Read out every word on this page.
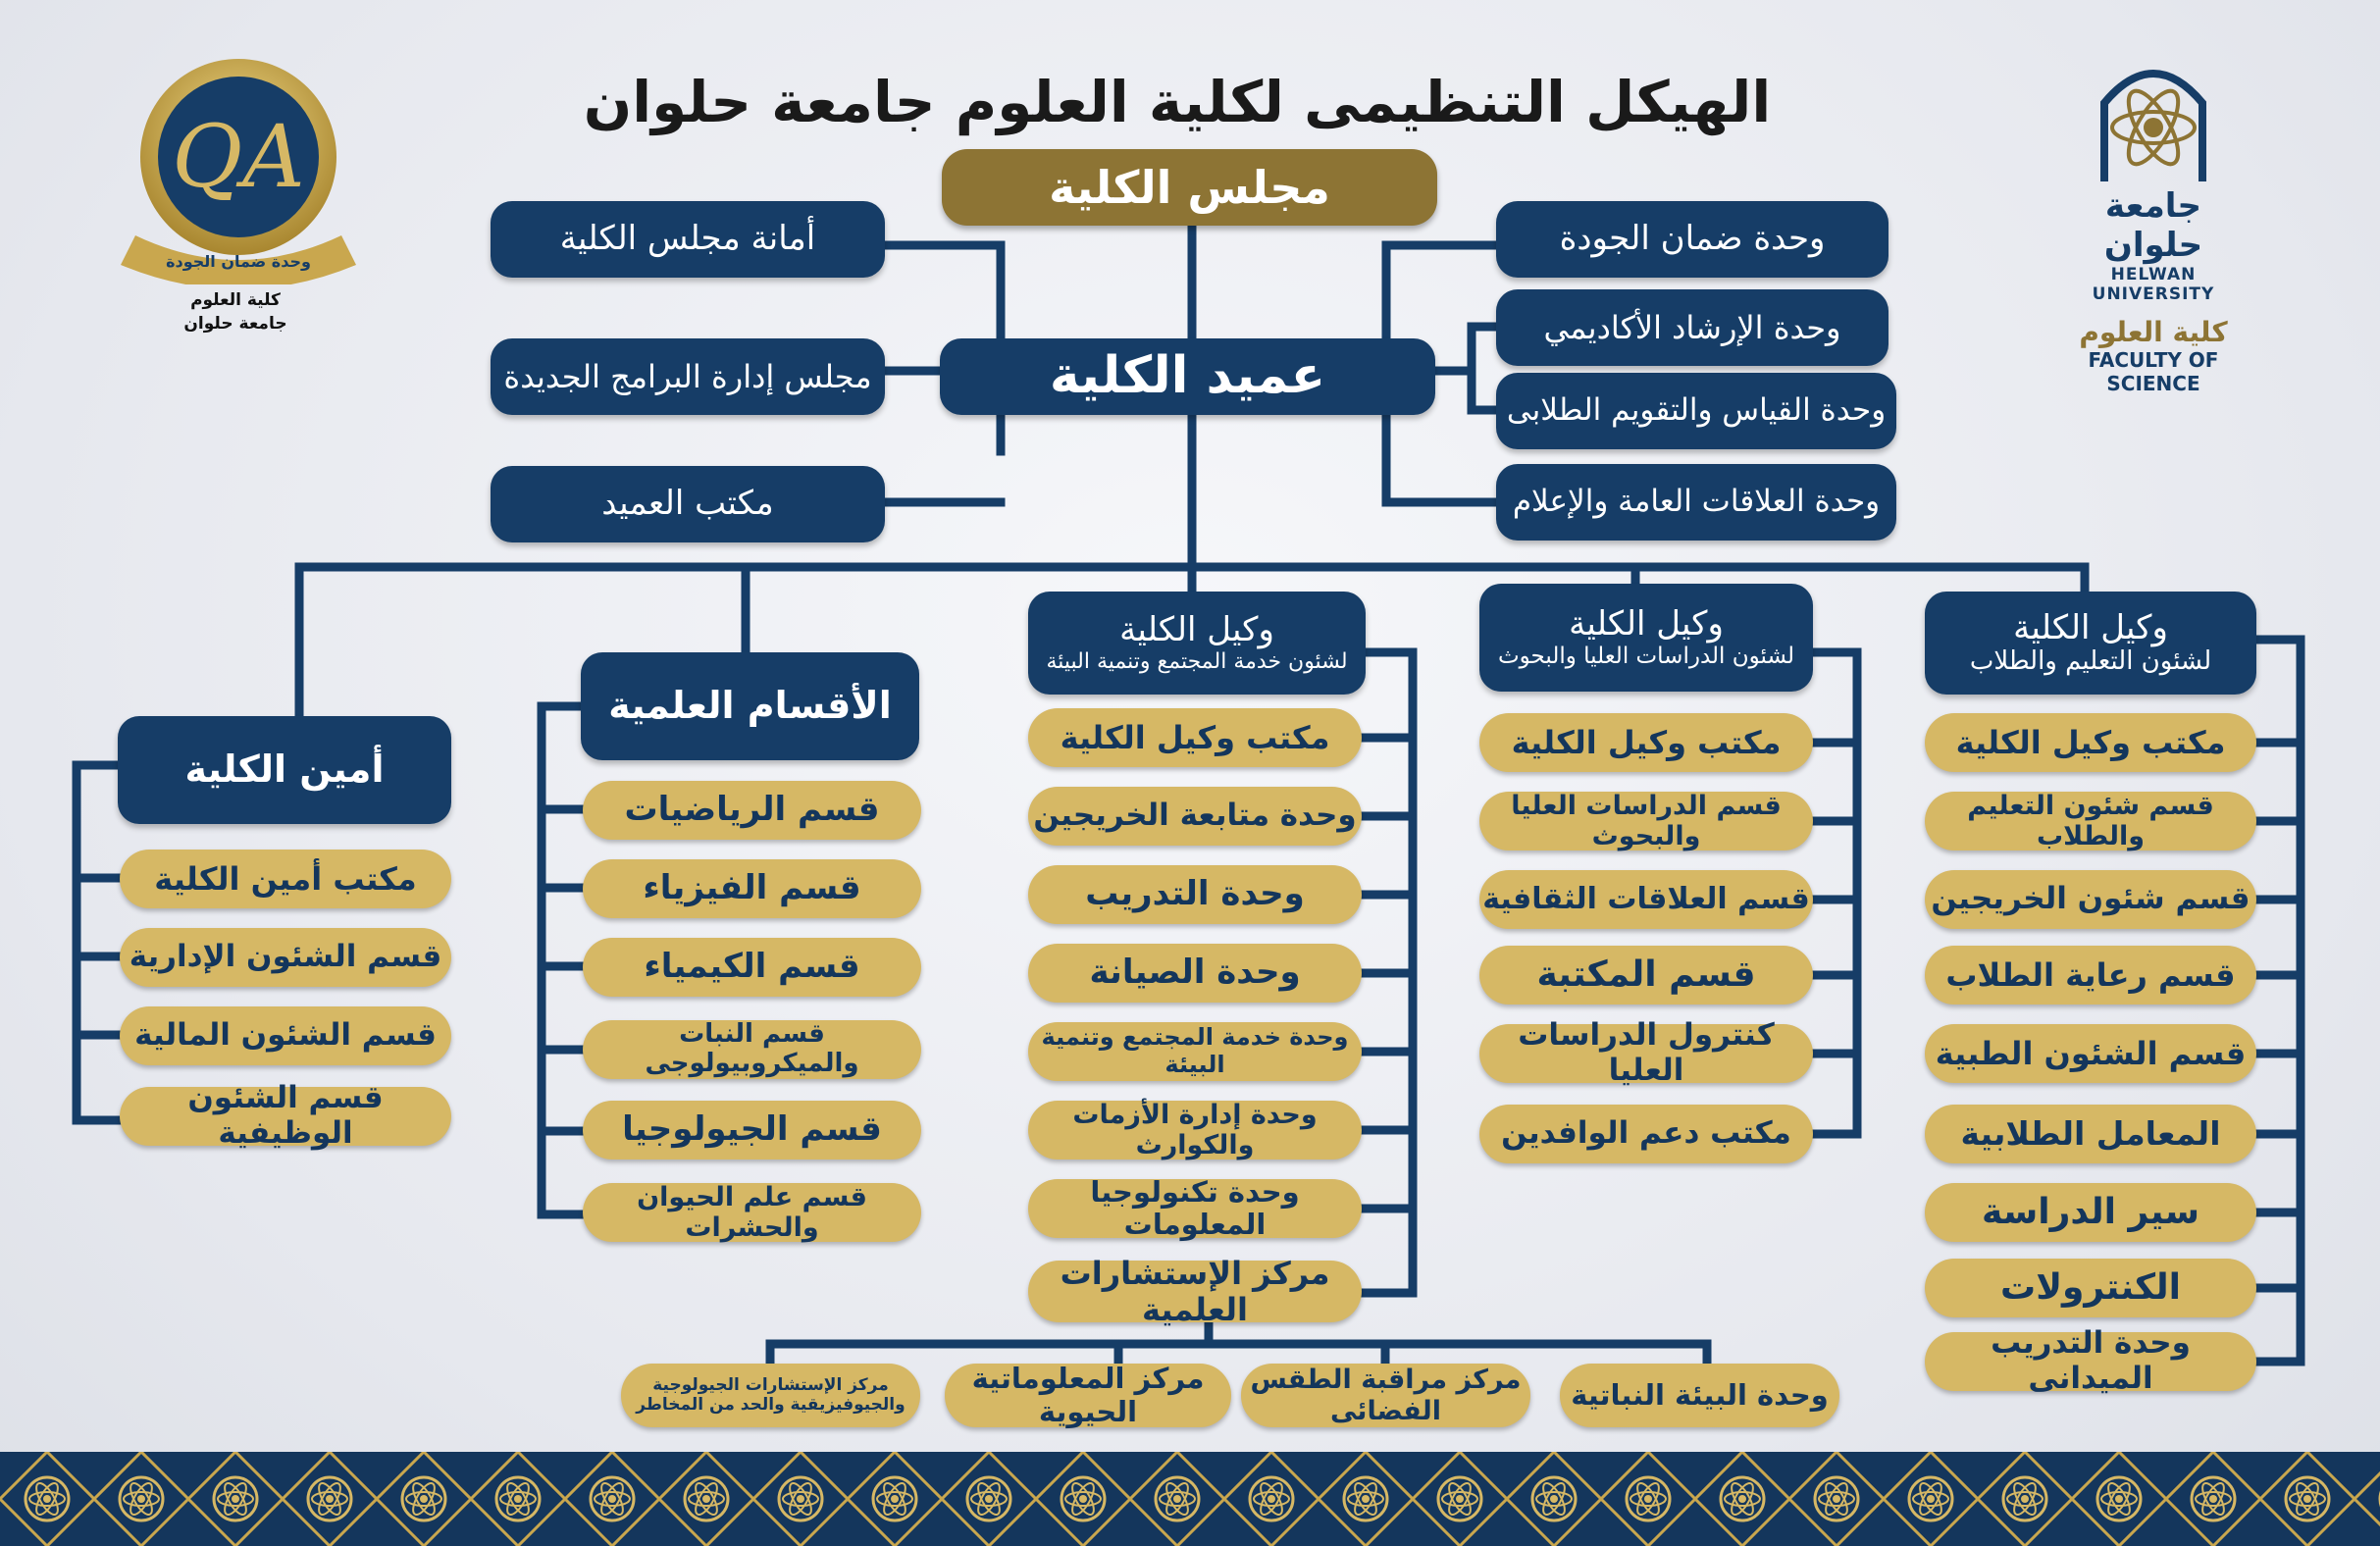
الهيكل التنظيمى لكلية العلوم جامعة حلوان
QA
وحدة ضمان الجودة
كلية العلوم
جامعة حلوان
جامعة حلوان
HELWAN UNIVERSITY
كلية العلوم
FACULTY OF SCIENCE
مجلس الكلية
عميد الكلية
أمانة مجلس الكلية
مجلس إدارة البرامج الجديدة
مكتب العميد
وحدة ضمان الجودة
وحدة الإرشاد الأكاديمي
وحدة القياس والتقويم الطلابى
وحدة العلاقات العامة والإعلام
أمين الكلية
الأقسام العلمية
وكيل الكلية
لشئون خدمة المجتمع وتنمية البيئة
وكيل الكلية
لشئون الدراسات العليا والبحوث
وكيل الكلية
لشئون التعليم والطلاب
مكتب أمين الكلية
قسم الشئون الإدارية
قسم الشئون المالية
قسم الشئون الوظيفية
قسم الرياضيات
قسم الفيزياء
قسم الكيمياء
قسم النبات والميكروبيولوجى
قسم الجيولوجيا
قسم علم الحيوان والحشرات
مكتب وكيل الكلية
وحدة متابعة الخريجين
وحدة التدريب
وحدة الصيانة
وحدة خدمة المجتمع وتنمية البيئة
وحدة إدارة الأزمات والكوارث
وحدة تكنولوجيا المعلومات
مركز الإستشارات العلمية
مكتب وكيل الكلية
قسم الدراسات العليا والبحوث
قسم العلاقات الثقافية
قسم المكتبة
كنترول الدراسات العليا
مكتب دعم الوافدين
مكتب وكيل الكلية
قسم شئون التعليم والطلاب
قسم شئون الخريجين
قسم رعاية الطلاب
قسم الشئون الطبية
المعامل الطلابية
سير الدراسة
الكنترولات
وحدة التدريب الميدانى
مركز الإستشارات الجيولوجية
والجيوفيزيقية والحد من المخاطر
مركز المعلوماتية الحيوية
مركز مراقبة الطقس الفضائى	وحدة البيئة النباتية
